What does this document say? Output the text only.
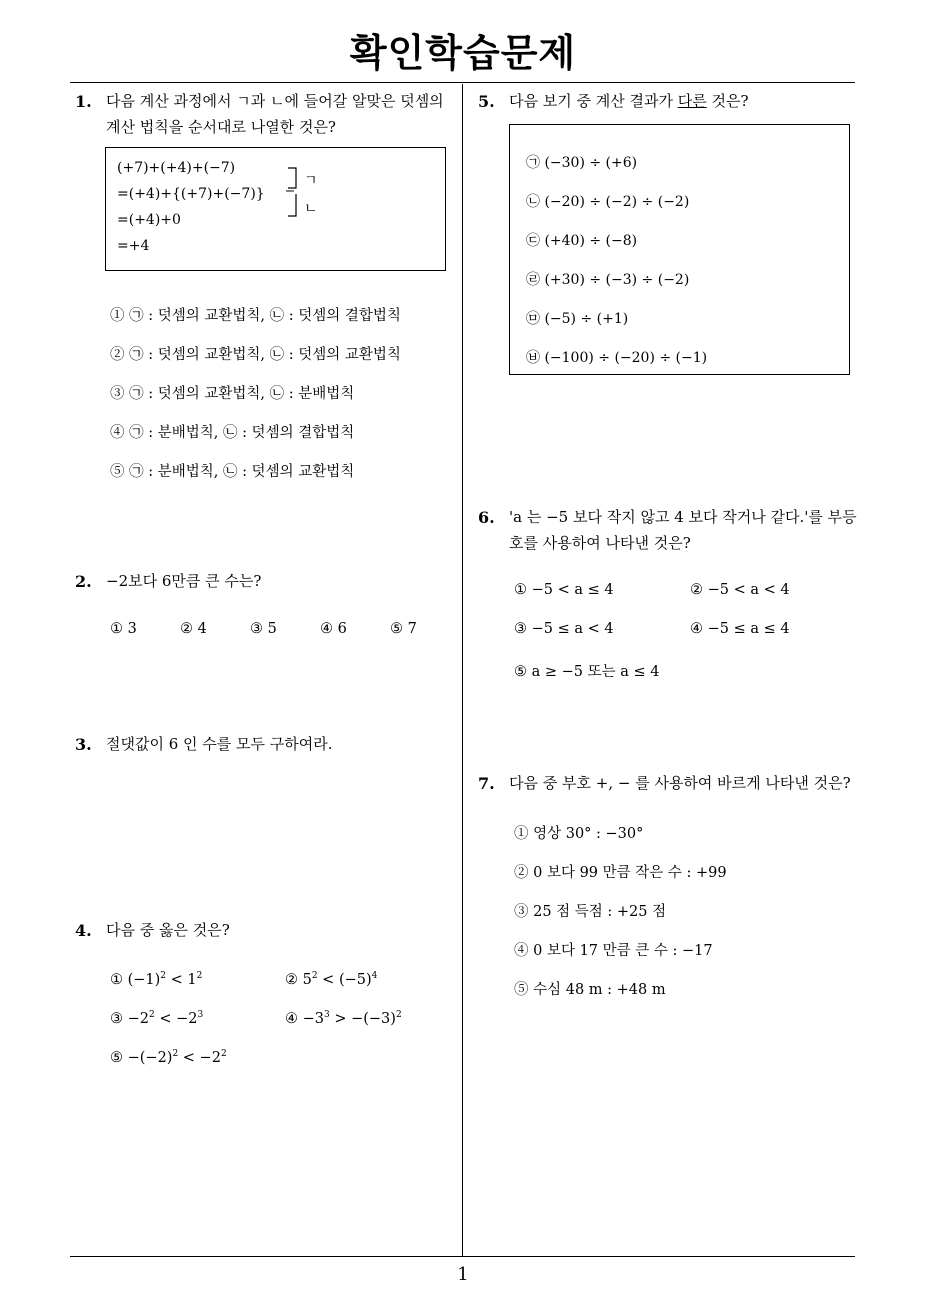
확인학습문제
1
1. 다음 계산 과정에서 ㄱ과 ㄴ에 들어갈 알맞은 덧셈의
계산 법칙을 순서대로 나열한 것은?
(+7)+(+4)+(−7)
=(+4)+{(+7)+(−7)}
=(+4)+0
=+4
ㄱ
ㄴ
① ㉠ : 덧셈의 교환법칙, ㉡ : 덧셈의 결합법칙
② ㉠ : 덧셈의 교환법칙, ㉡ : 덧셈의 교환법칙
③ ㉠ : 덧셈의 교환법칙, ㉡ : 분배법칙
④ ㉠ : 분배법칙, ㉡ : 덧셈의 결합법칙
⑤ ㉠ : 분배법칙, ㉡ : 덧셈의 교환법칙
2. −2보다 6만큼 큰 수는?
① 3	② 4	③ 5	④ 6	⑤ 7
3. 절댓값이 6 인 수를 모두 구하여라.
4. 다음 중 옳은 것은?
① $(-1)^2 < 1^2$	② $5^2 < (-5)^4$
③ $-2^2 < -2^3$	④ $-3^3 > -(-3)^2$
⑤ $-(-2)^2 < -2^2$
5. 다음 보기 중 계산 결과가 다른 것은?
㉠ (−30) ÷ (+6)
㉡ (−20) ÷ (−2) ÷ (−2)
㉢ (+40) ÷ (−8)
㉣ (+30) ÷ (−3) ÷ (−2)
㉤ (−5) ÷ (+1)
㉥ (−100) ÷ (−20) ÷ (−1)
6. 'a 는 −5 보다 작지 않고 4 보다 작거나 같다.'를 부등
호를 사용하여 나타낸 것은?
① −5 < a ≤ 4	② −5 < a < 4
③ −5 ≤ a < 4	④ −5 ≤ a ≤ 4
⑤ a ≥ −5 또는 a ≤ 4
7. 다음 중 부호 +, − 를 사용하여 바르게 나타낸 것은?
① 영상 30° : −30°
② 0 보다 99 만큼 작은 수 : +99
③ 25 점 득점 : +25 점
④ 0 보다 17 만큼 큰 수 : −17
⑤ 수심 48 m : +48 m
